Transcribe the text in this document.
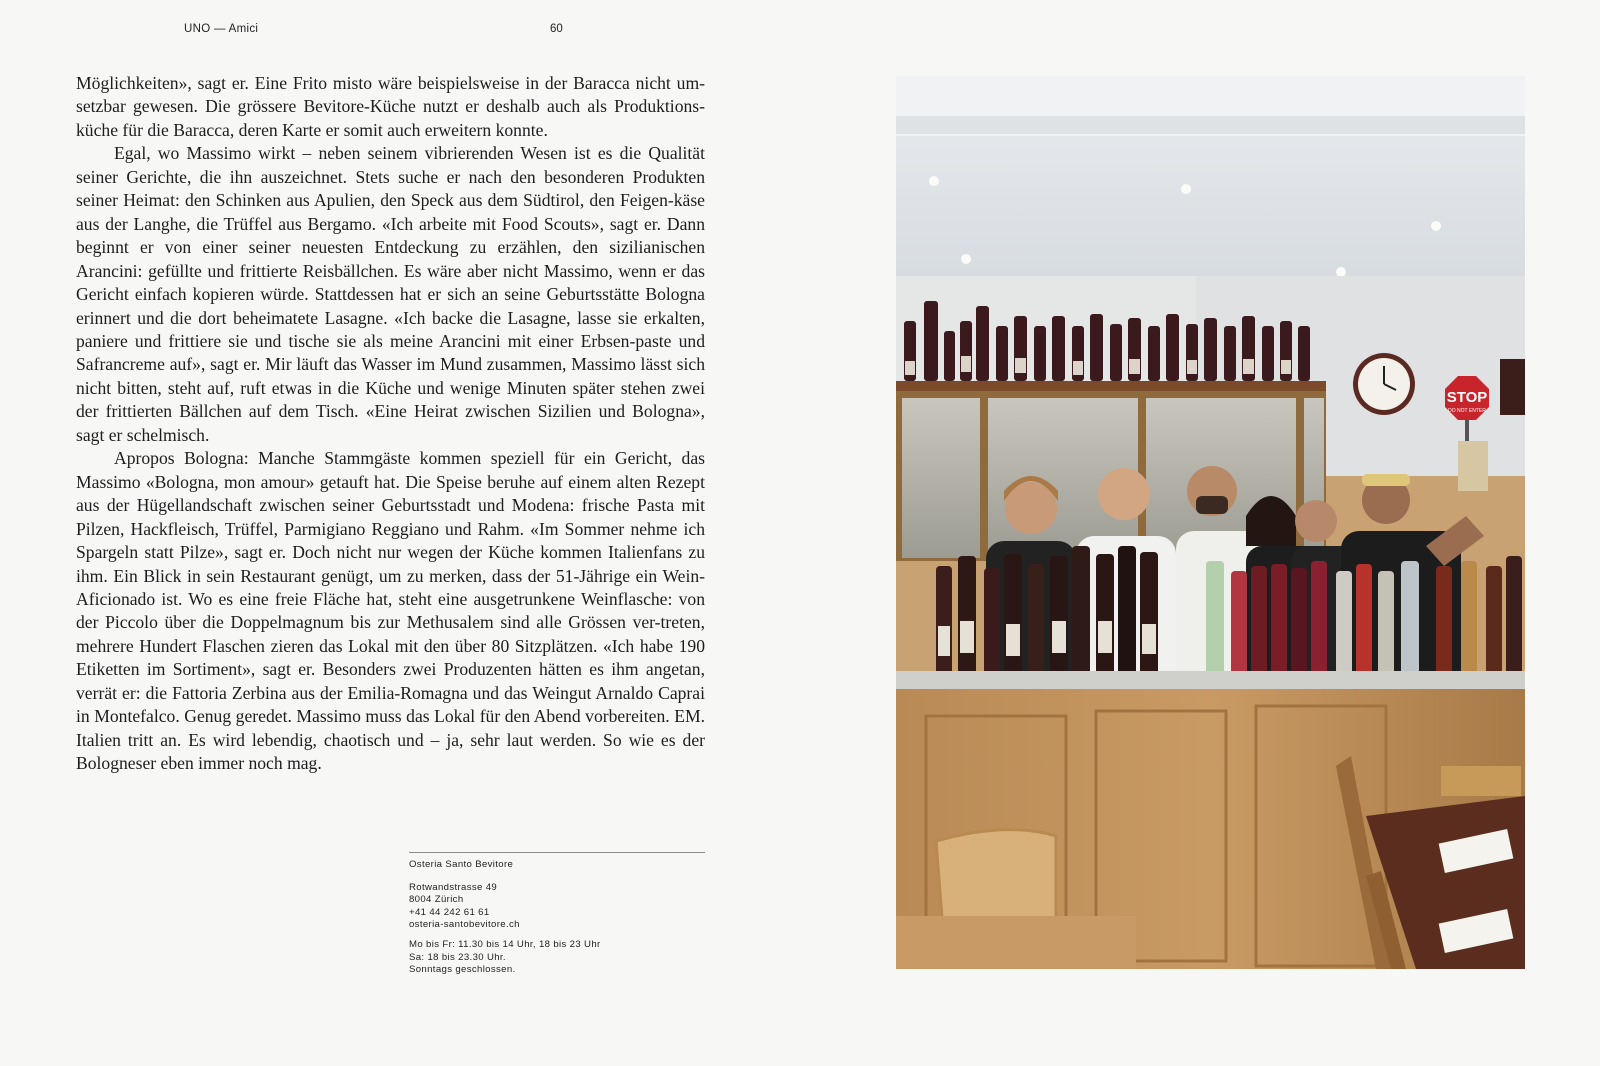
UNO — Amici	60

Möglichkeiten», sagt er. Eine Frito misto wäre beispielsweise in der Baracca nicht um-setzbar gewesen. Die grössere Bevitore-Küche nutzt er deshalb auch als Produktions-küche für die Baracca, deren Karte er somit auch erweitern konnte.

Egal, wo Massimo wirkt – neben seinem vibrierenden Wesen ist es die Qualität seiner Gerichte, die ihn auszeichnet. Stets suche er nach den besonderen Produkten seiner Heimat: den Schinken aus Apulien, den Speck aus dem Südtirol, den Feigen-käse aus der Langhe, die Trüffel aus Bergamo. «Ich arbeite mit Food Scouts», sagt er. Dann beginnt er von einer seiner neuesten Entdeckung zu erzählen, den sizilianischen Arancini: gefüllte und frittierte Reisbällchen. Es wäre aber nicht Massimo, wenn er das Gericht einfach kopieren würde. Stattdessen hat er sich an seine Geburtsstätte Bologna erinnert und die dort beheimatete Lasagne. «Ich backe die Lasagne, lasse sie erkalten, paniere und frittiere sie und tische sie als meine Arancini mit einer Erbsen-paste und Safrancreme auf», sagt er. Mir läuft das Wasser im Mund zusammen, Massimo lässt sich nicht bitten, steht auf, ruft etwas in die Küche und wenige Minuten später stehen zwei der frittierten Bällchen auf dem Tisch. «Eine Heirat zwischen Sizilien und Bologna», sagt er schelmisch.

Apropos Bologna: Manche Stammgäste kommen speziell für ein Gericht, das Massimo «Bologna, mon amour» getauft hat. Die Speise beruhe auf einem alten Rezept aus der Hügellandschaft zwischen seiner Geburtsstadt und Modena: frische Pasta mit Pilzen, Hackfleisch, Trüffel, Parmigiano Reggiano und Rahm. «Im Sommer nehme ich Spargeln statt Pilze», sagt er. Doch nicht nur wegen der Küche kommen Italienfans zu ihm. Ein Blick in sein Restaurant genügt, um zu merken, dass der 51-Jährige ein Wein-Aficionado ist. Wo es eine freie Fläche hat, steht eine ausgetrunkene Weinflasche: von der Piccolo über die Doppelmagnum bis zur Methusalem sind alle Grössen ver-treten, mehrere Hundert Flaschen zieren das Lokal mit den über 80 Sitzplätzen. «Ich habe 190 Etiketten im Sortiment», sagt er. Besonders zwei Produzenten hätten es ihm angetan, verrät er: die Fattoria Zerbina aus der Emilia-Romagna und das Weingut Arnaldo Caprai in Montefalco. Genug geredet. Massimo muss das Lokal für den Abend vorbereiten. EM. Italien tritt an. Es wird lebendig, chaotisch und – ja, sehr laut werden. So wie es der Bologneser eben immer noch mag.

Osteria Santo Bevitore
Rotwandstrasse 49
8004 Zürich
+41 44 242 61 61
osteria-santobevitore.ch
Mo bis Fr: 11.30 bis 14 Uhr, 18 bis 23 Uhr
Sa: 18 bis 23.30 Uhr.
Sonntags geschlossen.
STOP
DO NOT ENTER
